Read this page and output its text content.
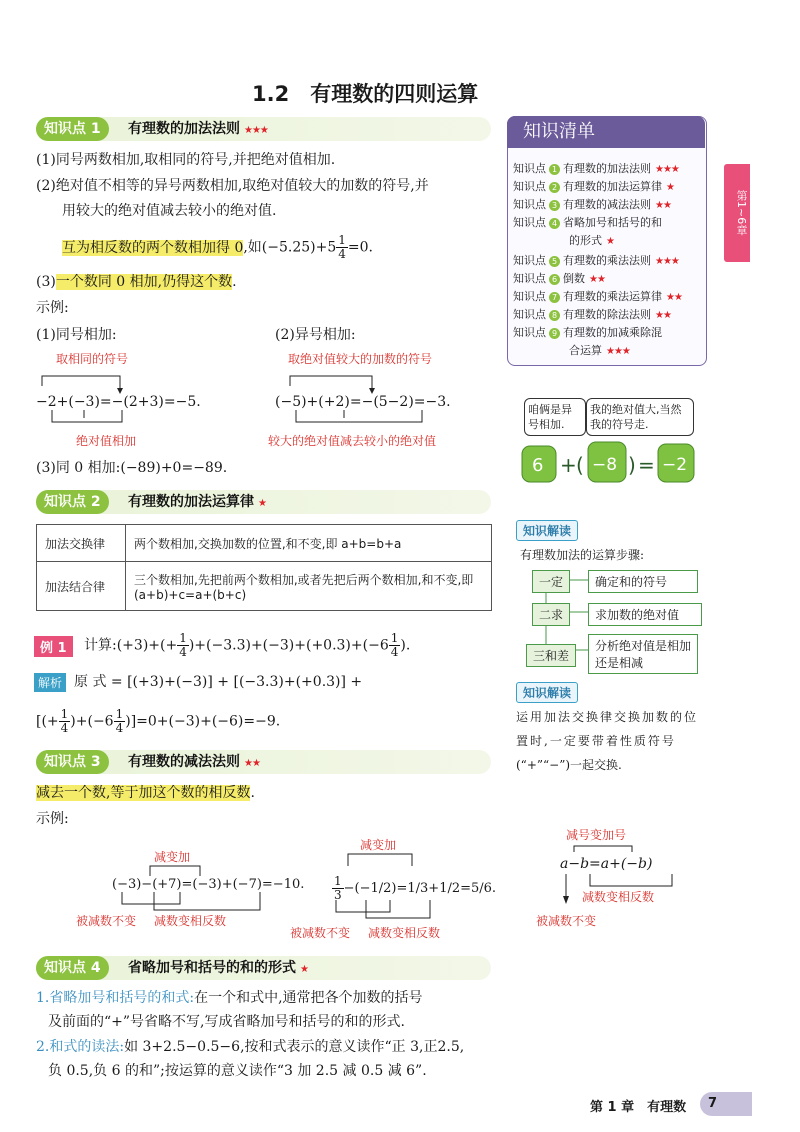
1.2　有理数的四则运算
知识点 1	有理数的加法法则 ★★★
(1)同号两数相加,取相同的符号,并把绝对值相加.
(2)绝对值不相等的异号两数相加,取绝对值较大的加数的符号,并
用较大的绝对值减去较小的绝对值.
互为相反数的两个数相加得 0,如$(-5.25)+5 \frac{1}{4} =0$.
(3)一个数同 0 相加,仍得这个数.
示例:
(1)同号相加:	(2)异号相加:
取相同的符号
−2+(−3)=−(2+3)=−5.
绝对值相加
取绝对值较大的加数的符号
(−5)+(+2)=−(5−2)=−3.
较大的绝对值减去较小的绝对值
(3)同 0 相加:(−89)+0=−89.
知识点 2	有理数的加法运算律 ★
加法交换律	两个数相加,交换加数的位置,和不变,即 a+b=b+a
加法结合律	三个数相加,先把前两个数相加,或者先把后两个数相加,和不变,即(a+b)+c=a+(b+c)
例 1	计算:(+3)+(+ $\frac{1}{4} )+(-3.3)+(-3)+(+0.3)+(-6 \frac{1}{4}$ ).
解析 原 式 = [(+3)+(−3)] + [(−3.3)+(+0.3)] +
[(+ $\frac{1}{4} )+(-6 \frac{1}{4} )]=0+(-3)+(-6)=-9$.
知识点 3	有理数的减法法则 ★★
减去一个数,等于加这个数的相反数.
示例:
减变加
(−3)−(+7)=(−3)+(−7)=−10.
被减数不变 减数变相反数
减变加
$\frac{1}{3} -(-1/2)=1/3+1/2=5/6$.
被减数不变 减数变相反数
知识点 4	省略加号和括号的和的形式 ★
1.省略加号和括号的和式:在一个和式中,通常把各个加数的括号
及前面的“+”号省略不写,写成省略加号和括号的和的形式.
2.和式的读法:如 3+2.5−0.5−6,按和式表示的意义读作“正 3,正2.5,
负 0.5,负 6 的和”;按运算的意义读作“3 加 2.5 减 0.5 减 6”.
知识清单
知识点 1 有理数的加法法则 ★★★
知识点 2 有理数的加法运算律 ★
知识点 3 有理数的减法法则 ★★
知识点 4 省略加号和括号的和
的形式 ★
知识点 5 有理数的乘法法则 ★★★
知识点 6 倒数 ★★
知识点 7 有理数的乘法运算律 ★★
知识点 8 有理数的除法法则 ★★
知识点 9 有理数的加减乘除混
合运算 ★★★
第1~6章
咱俩是异号相加.
我的绝对值大,当然我的符号走.
6 + ( −8 ) = −2
知识解读
有理数加法的运算步骤:
一定	确定和的符号
二求	求加数的绝对值
三和差
分析绝对值是相加还是相减
知识解读
运用加法交换律交换加数的位
置时,一定要带着性质符号
(“+”“−”)一起交换.
减号变加号
a−b=a+(−b)
减数变相反数
被减数不变
第 1 章　有理数	7
